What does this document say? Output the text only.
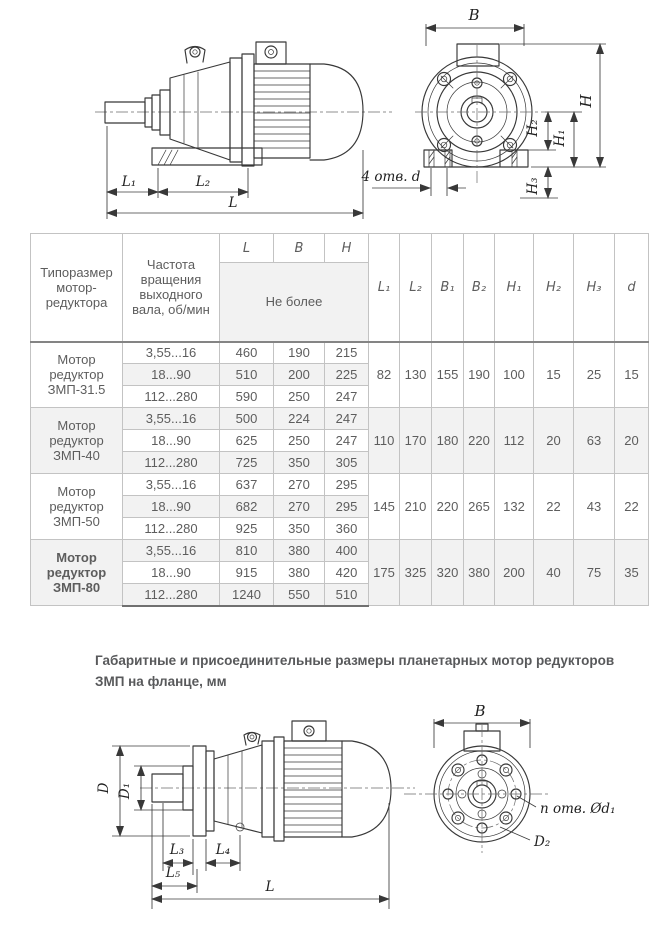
L₁	L₂
L
4 отв. d
B
H
H₁
H₂
H₃
Типоразмер мотор-редуктора	Частота вращения выходного вала, об/мин	L	B	H	L₁	L₂	B₁	B₂	H₁	H₂	H₃	d
		Не более										
Мотор редуктор ЗМП-31.5	3,55...16	460	190	215	82	130	155	190	100	15	25	15
	18...90	510	200	225								
	112...280	590	250	247								
Мотор редуктор ЗМП-40	3,55...16	500	224	247	110	170	180	220	112	20	63	20
	18...90	625	250	247								
	112...280	725	350	305								
Мотор редуктор ЗМП-50	3,55...16	637	270	295	145	210	220	265	132	22	43	22
	18...90	682	270	295								
	112...280	925	350	360								
Мотор редуктор ЗМП-80	3,55...16	810	380	400	175	325	320	380	200	40	75	35
	18...90	915	380	420								
	112...280	1240	550	510								
Габаритные и присоединительные размеры планетарных мотор редукторов ЗМП на фланце, мм
D D₁
L₃ L₄
L₅
L
B
n отв. Ød₁
D₂
